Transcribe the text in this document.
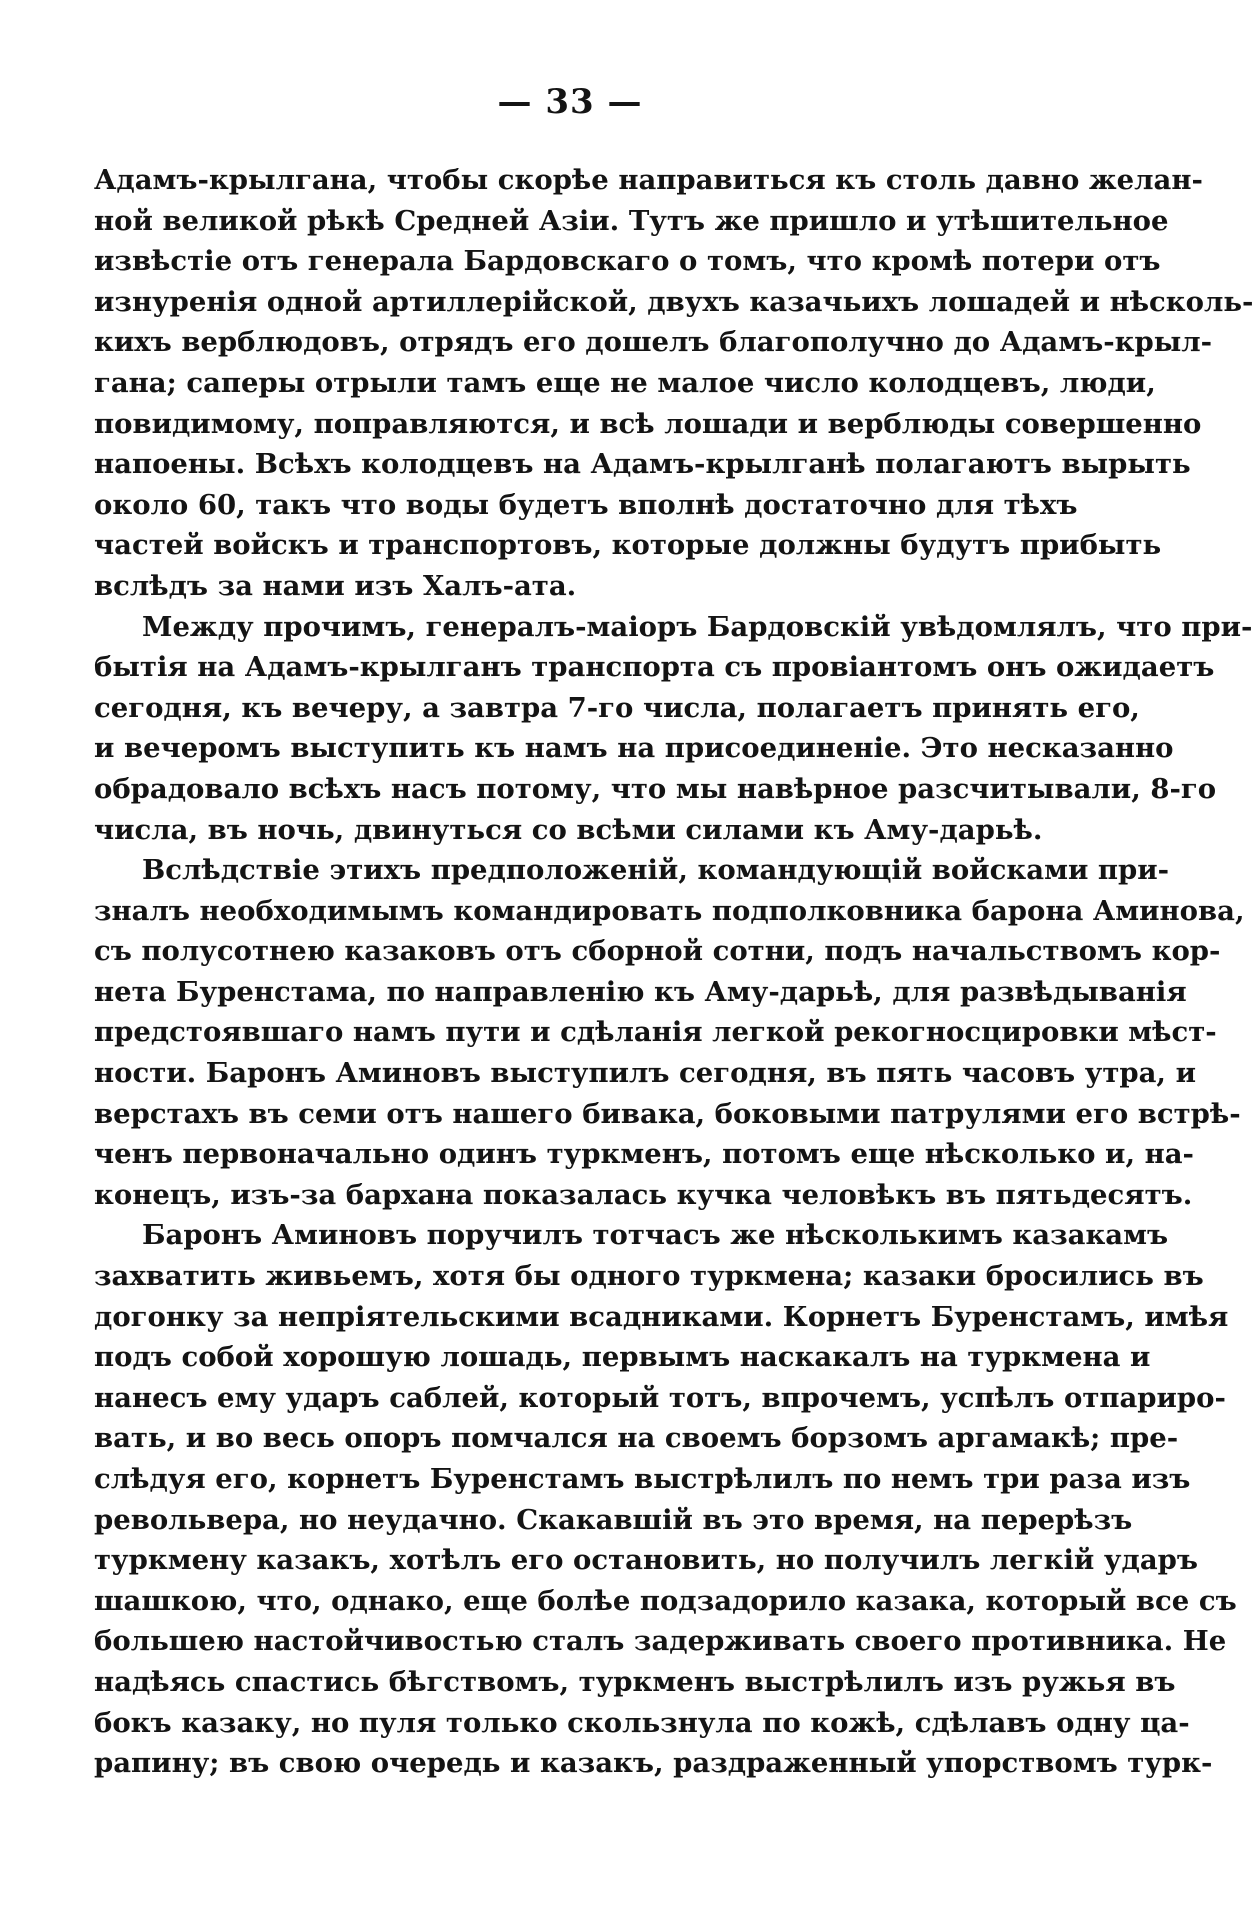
— 33 —
Адамъ-крылгана, чтобы скорѣе направиться къ столь давно желан-
ной великой рѣкѣ Средней Азіи. Тутъ же пришло и утѣшительное
извѣстіе отъ генерала Бардовскаго о томъ, что кромѣ потери отъ
изнуренія одной артиллерійской, двухъ казачьихъ лошадей и нѣсколь-
кихъ верблюдовъ, отрядъ его дошелъ благополучно до Адамъ-крыл-
гана; саперы отрыли тамъ еще не малое число колодцевъ, люди,
повидимому, поправляются, и всѣ лошади и верблюды совершенно
напоены. Всѣхъ колодцевъ на Адамъ-крылганѣ полагаютъ вырыть
около 60, такъ что воды будетъ вполнѣ достаточно для тѣхъ
частей войскъ и транспортовъ, которые должны будутъ прибыть
вслѣдъ за нами изъ Халъ-ата.
Между прочимъ, генералъ-маіоръ Бардовскій увѣдомлялъ, что при-
бытія на Адамъ-крылганъ транспорта съ провіантомъ онъ ожидаетъ
сегодня, къ вечеру, а завтра 7-го числа, полагаетъ принять его,
и вечеромъ выступить къ намъ на присоединеніе. Это несказанно
обрадовало всѣхъ насъ потому, что мы навѣрное разсчитывали, 8-го
числа, въ ночь, двинуться со всѣми силами къ Аму-дарьѣ.
Вслѣдствіе этихъ предположеній, командующій войсками при-
зналъ необходимымъ командировать подполковника барона Аминова,
съ полусотнею казаковъ отъ сборной сотни, подъ начальствомъ кор-
нета Буренстама, по направленію къ Аму-дарьѣ, для развѣдыванія
предстоявшаго намъ пути и сдѣланія легкой рекогносцировки мѣст-
ности. Баронъ Аминовъ выступилъ сегодня, въ пять часовъ утра, и
верстахъ въ семи отъ нашего бивака, боковыми патрулями его встрѣ-
ченъ первоначально одинъ туркменъ, потомъ еще нѣсколько и, на-
конецъ, изъ-за бархана показалась кучка человѣкъ въ пятьдесятъ.
Баронъ Аминовъ поручилъ тотчасъ же нѣсколькимъ казакамъ
захватить живьемъ, хотя бы одного туркмена; казаки бросились въ
догонку за непріятельскими всадниками. Корнетъ Буренстамъ, имѣя
подъ собой хорошую лошадь, первымъ наскакалъ на туркмена и
нанесъ ему ударъ саблей, который тотъ, впрочемъ, успѣлъ отпариро-
вать, и во весь опоръ помчался на своемъ борзомъ аргамакѣ; пре-
слѣдуя его, корнетъ Буренстамъ выстрѣлилъ по немъ три раза изъ
револьвера, но неудачно. Скакавшій въ это время, на перерѣзъ
туркмену казакъ, хотѣлъ его остановить, но получилъ легкій ударъ
шашкою, что, однако, еще болѣе подзадорило казака, который все съ
большею настойчивостью сталъ задерживать своего противника. Не
надѣясь спастись бѣгствомъ, туркменъ выстрѣлилъ изъ ружья въ
бокъ казаку, но пуля только скользнула по кожѣ, сдѣлавъ одну ца-
рапину; въ свою очередь и казакъ, раздраженный упорствомъ турк-
